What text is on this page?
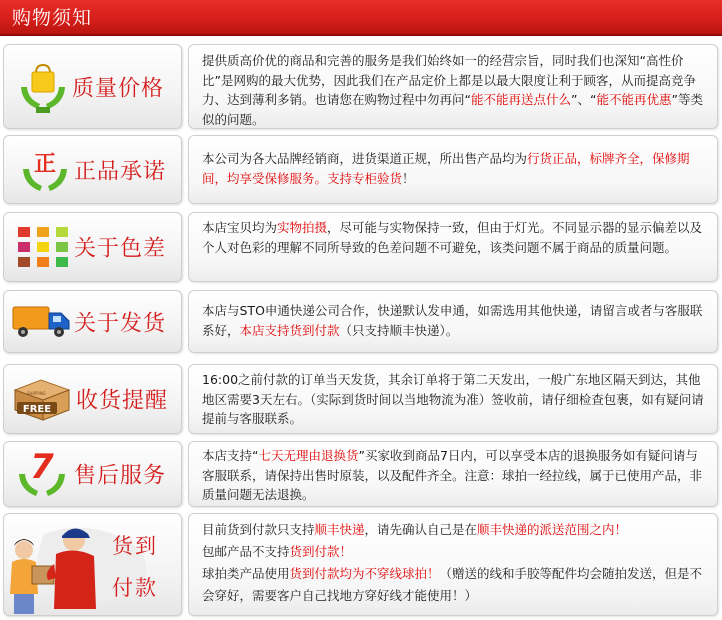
购物须知
质量价格

提供质高价优的商品和完善的服务是我们始终如一的经营宗旨，同时我们也深知“高性价比”是网购的最大优势，因此我们在产品定价上都是以最大限度让利于顾客，从而提高竞争力、达到薄利多销。也请您在购物过程中勿再问“能不能再送点什么”、“能不能再优惠”等类似的问题。

正 正品承诺

本公司为各大品牌经销商，进货渠道正规，所出售产品均为行货正品，标牌齐全，保修期间，均享受保修服务。支持专柜验货！

关于色差

本店宝贝均为实物拍摄，尽可能与实物保持一致，但由于灯光。不同显示器的显示偏差以及个人对色彩的理解不同所导致的色差问题不可避免，该类问题不属于商品的质量问题。

关于发货

本店与STO申通快递公司合作，快递默认发申通，如需选用其他快递，请留言或者与客服联系好，本店支持货到付款（只支持顺丰快递）。

FREE
SHIPPING 收货提醒

16:00之前付款的订单当天发货，其余订单将于第二天发出，一般广东地区隔天到达，其他地区需要3天左右。（实际到货时间以当地物流为准）签收前，请仔细检查包裹，如有疑问请提前与客服联系。

7 售后服务

本店支持“七天无理由退换货”买家收到商品7日内，可以享受本店的退换服务如有疑问请与客服联系，请保持出售时原装，以及配件齐全。注意：球拍一经拉线，属于已使用产品，非质量问题无法退换。

货到
付款

目前货到付款只支持顺丰快递，请先确认自己是在顺丰快递的派送范围之内！

包邮产品不支持货到付款！

球拍类产品使用货到付款均为不穿线球拍！（赠送的线和手胶等配件均会随拍发送，但是不会穿好，需要客户自己找地方穿好线才能使用！）
